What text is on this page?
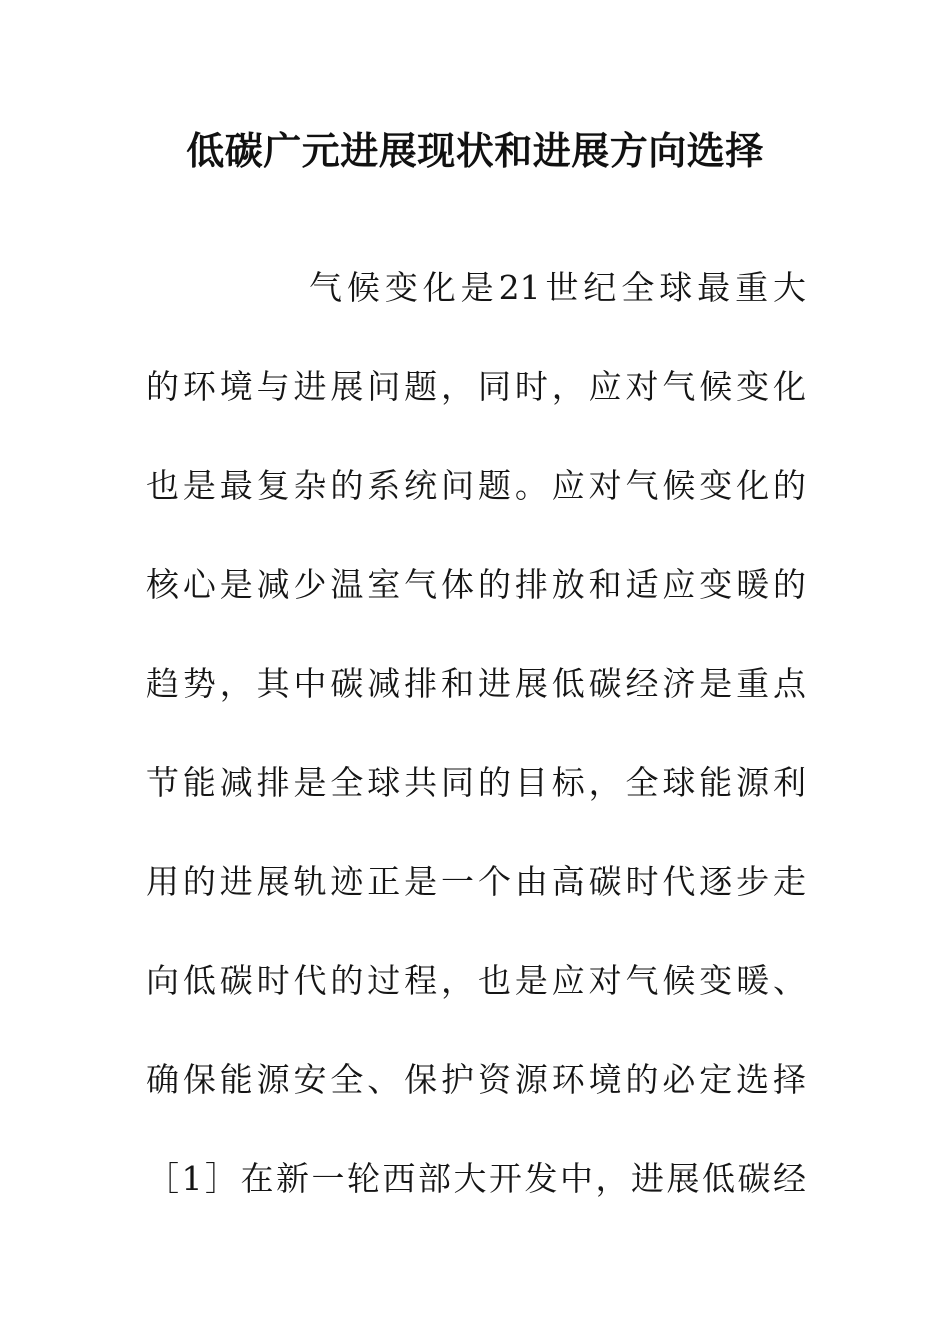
低碳广元进展现状和进展方向选择
气候变化是21世纪全球最重大
的环境与进展问题，同时，应对气候变化
也是最复杂的系统问题。应对气候变化的
核心是减少温室气体的排放和适应变暖的
趋势，其中碳减排和进展低碳经济是重点
节能减排是全球共同的目标，全球能源利
用的进展轨迹正是一个由高碳时代逐步走
向低碳时代的过程，也是应对气候变暖、
确保能源安全、保护资源环境的必定选择
［1］在新一轮西部大开发中，进展低碳经
